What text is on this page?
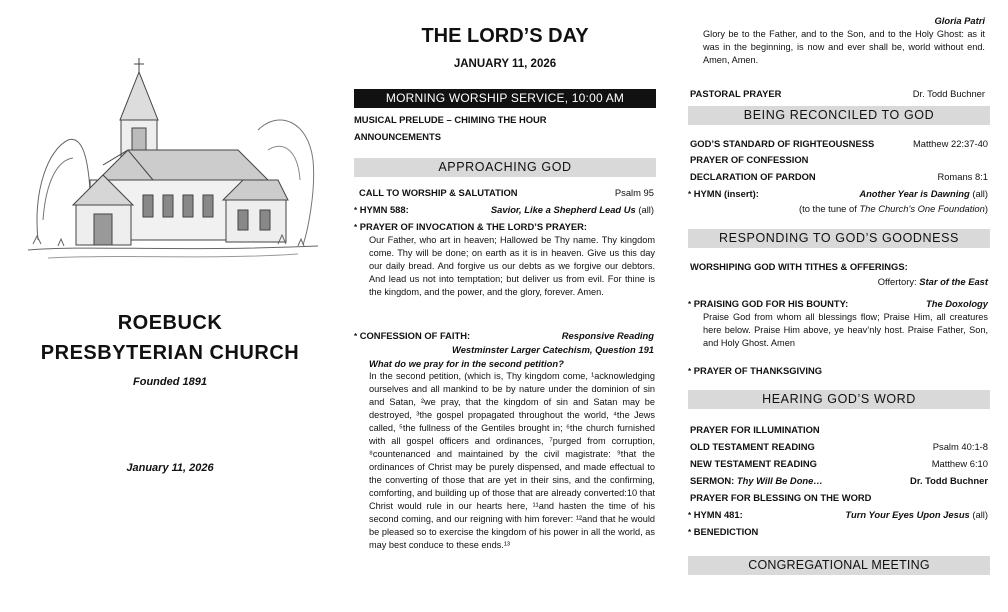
ROEBUCK
PRESBYTERIAN CHURCH
Founded 1891
January 11, 2026
THE LORD’S DAY
JANUARY 11, 2026
MORNING WORSHIP SERVICE, 10:00 AM
MUSICAL PRELUDE – CHIMING THE HOUR
ANNOUNCEMENTS
APPROACHING GOD
CALL TO WORSHIP & SALUTATION	Psalm 95
* HYMN 588:	Savior, Like a Shepherd Lead Us (all)
* PRAYER OF INVOCATION & THE LORD’S PRAYER:
Our Father, who art in heaven; Hallowed be Thy name. Thy kingdom come. Thy will be done; on earth as it is in heaven. Give us this day our daily bread. And forgive us our debts as we forgive our debtors. And lead us not into temptation; but deliver us from evil. For thine is the kingdom, and the power, and the glory, forever. Amen.
* CONFESSION OF FAITH:	Responsive Reading
Westminster Larger Catechism, Question 191
What do we pray for in the second petition?
In the second petition, (which is, Thy kingdom come, ¹acknowledging ourselves and all mankind to be by nature under the dominion of sin and Satan, ²we pray, that the kingdom of sin and Satan may be destroyed, ³the gospel propagated throughout the world, ⁴the Jews called, ⁵the fullness of the Gentiles brought in; ⁶the church furnished with all gospel officers and ordinances, ⁷purged from corruption, ⁸countenanced and maintained by the civil magistrate: ⁹that the ordinances of Christ may be purely dispensed, and made effectual to the converting of those that are yet in their sins, and the confirming, comforting, and building up of those that are already converted:10 that Christ would rule in our hearts here, ¹¹and hasten the time of his second coming, and our reigning with him forever: ¹²and that he would be pleased so to exercise the kingdom of his power in all the world, as may best conduce to these ends.¹³
Gloria Patri
Glory be to the Father, and to the Son, and to the Holy Ghost: as it was in the beginning, is now and ever shall be, world without end. Amen, Amen.
PASTORAL PRAYER	Dr. Todd Buchner
BEING RECONCILED TO GOD
GOD’S STANDARD OF RIGHTEOUSNESS	Matthew 22:37-40
PRAYER OF CONFESSION
DECLARATION OF PARDON	Romans 8:1
* HYMN (insert):	Another Year is Dawning (all)
(to the tune of The Church’s One Foundation)
RESPONDING TO GOD’S GOODNESS
WORSHIPING GOD WITH TITHES & OFFERINGS:
Offertory: Star of the East
* PRAISING GOD FOR HIS BOUNTY:	The Doxology
Praise God from whom all blessings flow; Praise Him, all creatures here below. Praise Him above, ye heav’nly host. Praise Father, Son, and Holy Ghost. Amen
* PRAYER OF THANKSGIVING
HEARING GOD’S WORD
PRAYER FOR ILLUMINATION
OLD TESTAMENT READING	Psalm 40:1-8
NEW TESTAMENT READING	Matthew 6:10
SERMON: Thy Will Be Done…	Dr. Todd Buchner
PRAYER FOR BLESSING ON THE WORD
* HYMN 481:	Turn Your Eyes Upon Jesus (all)
* BENEDICTION
CONGREGATIONAL MEETING
